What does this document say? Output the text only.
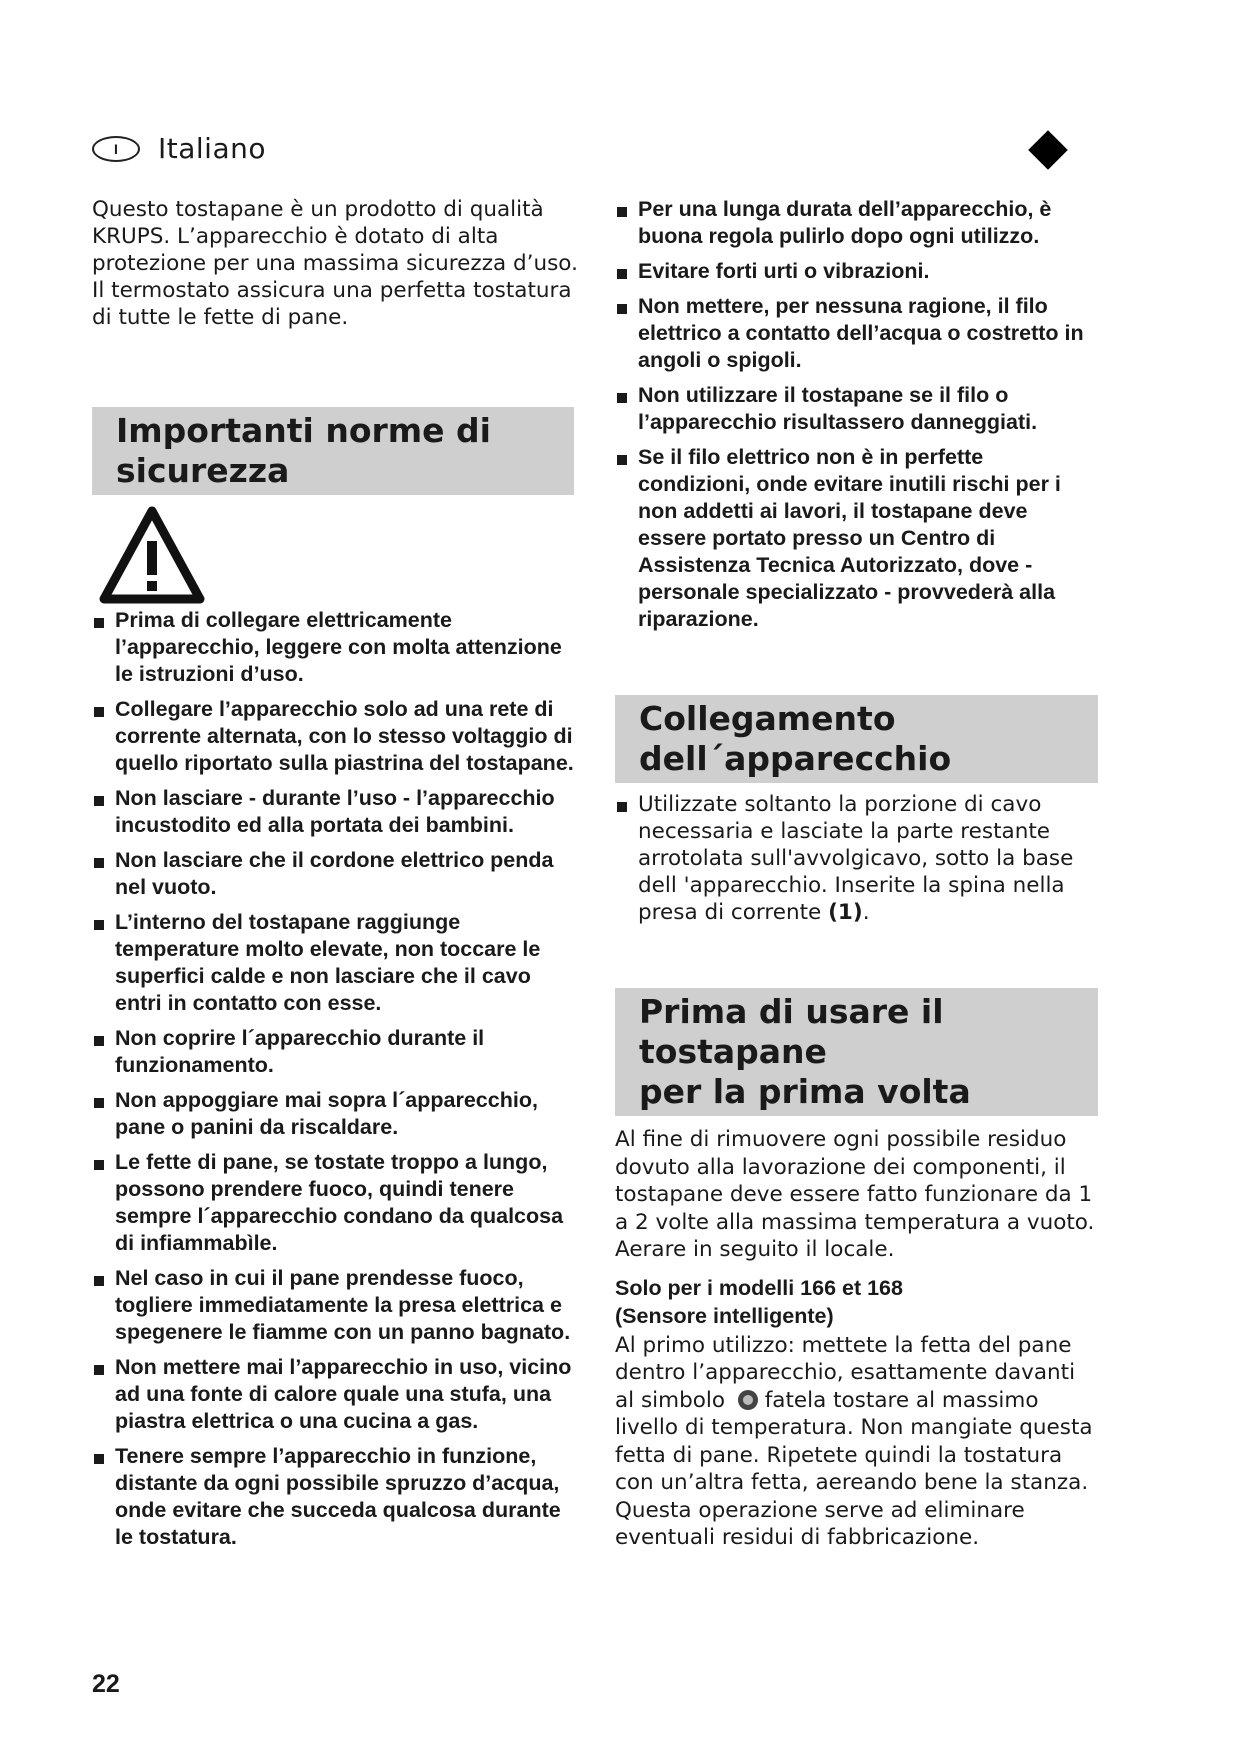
I Italiano

Questo tostapane è un prodotto di qualità KRUPS. L’apparecchio è dotato di alta protezione per una massima sicurezza d’uso. Il termostato assicura una perfetta tostatura di tutte le fette di pane.

Importanti norme di
sicurezza
Prima di collegare elettricamente l’apparecchio, leggere con molta attenzione le istruzioni d’uso.
Collegare l’apparecchio solo ad una rete di corrente alternata, con lo stesso voltaggio di quello riportato sulla piastrina del tostapane.
Non lasciare - durante l’uso - l’apparecchio incustodito ed alla portata dei bambini.
Non lasciare che il cordone elettrico penda nel vuoto.
L’interno del tostapane raggiunge temperature molto elevate, non toccare le superfici calde e non lasciare che il cavo entri in contatto con esse.
Non coprire l´apparecchio durante il funzionamento.
Non appoggiare mai sopra l´apparecchio, pane o panini da riscaldare.
Le fette di pane, se tostate troppo a lungo, possono prendere fuoco, quindi tenere sempre l´apparecchio condano da qualcosa di infiammabìle.
Nel caso in cui il pane prendesse fuoco, togliere immediatamente la presa elettrica e spegenere le fiamme con un panno bagnato.
Non mettere mai l’apparecchio in uso, vicino ad una fonte di calore quale una stufa, una piastra elettrica o una cucina a gas.
Tenere sempre l’apparecchio in funzione, distante da ogni possibile spruzzo d’acqua, onde evitare che succeda qualcosa durante le tostatura.
Per una lunga durata dell’apparecchio, è buona regola pulirlo dopo ogni utilizzo.
Evitare forti urti o vibrazioni.
Non mettere, per nessuna ragione, il filo elettrico a contatto dell’acqua o costretto in angoli o spigoli.
Non utilizzare il tostapane se il filo o l’apparecchio risultassero danneggiati.
Se il filo elettrico non è in perfette condizioni, onde evitare inutili rischi per i non addetti ai lavori, il tostapane deve essere portato presso un Centro di Assistenza Tecnica Autorizzato, dove - personale specializzato - provvederà alla riparazione.
Collegamento
dell´apparecchio
Utilizzate soltanto la porzione di cavo necessaria e lasciate la parte restante arrotolata sull'avvolgicavo, sotto la base dell 'apparecchio. Inserite la spina nella presa di corrente (1).
Prima di usare il tostapane
per la prima volta

Al fine di rimuovere ogni possibile residuo dovuto alla lavorazione dei componenti, il tostapane deve essere fatto funzionare da 1 a 2 volte alla massima temperatura a vuoto. Aerare in seguito il locale.

Solo per i modelli 166 et 168
(Sensore intelligente)

Al primo utilizzo: mettete la fetta del pane dentro l’apparecchio, esattamente davanti al simbolo fatela tostare al massimo livello di temperatura. Non mangiate questa fetta di pane. Ripetete quindi la tostatura con un’altra fetta, aereando bene la stanza. Questa operazione serve ad eliminare eventuali residui di fabbricazione.

22
